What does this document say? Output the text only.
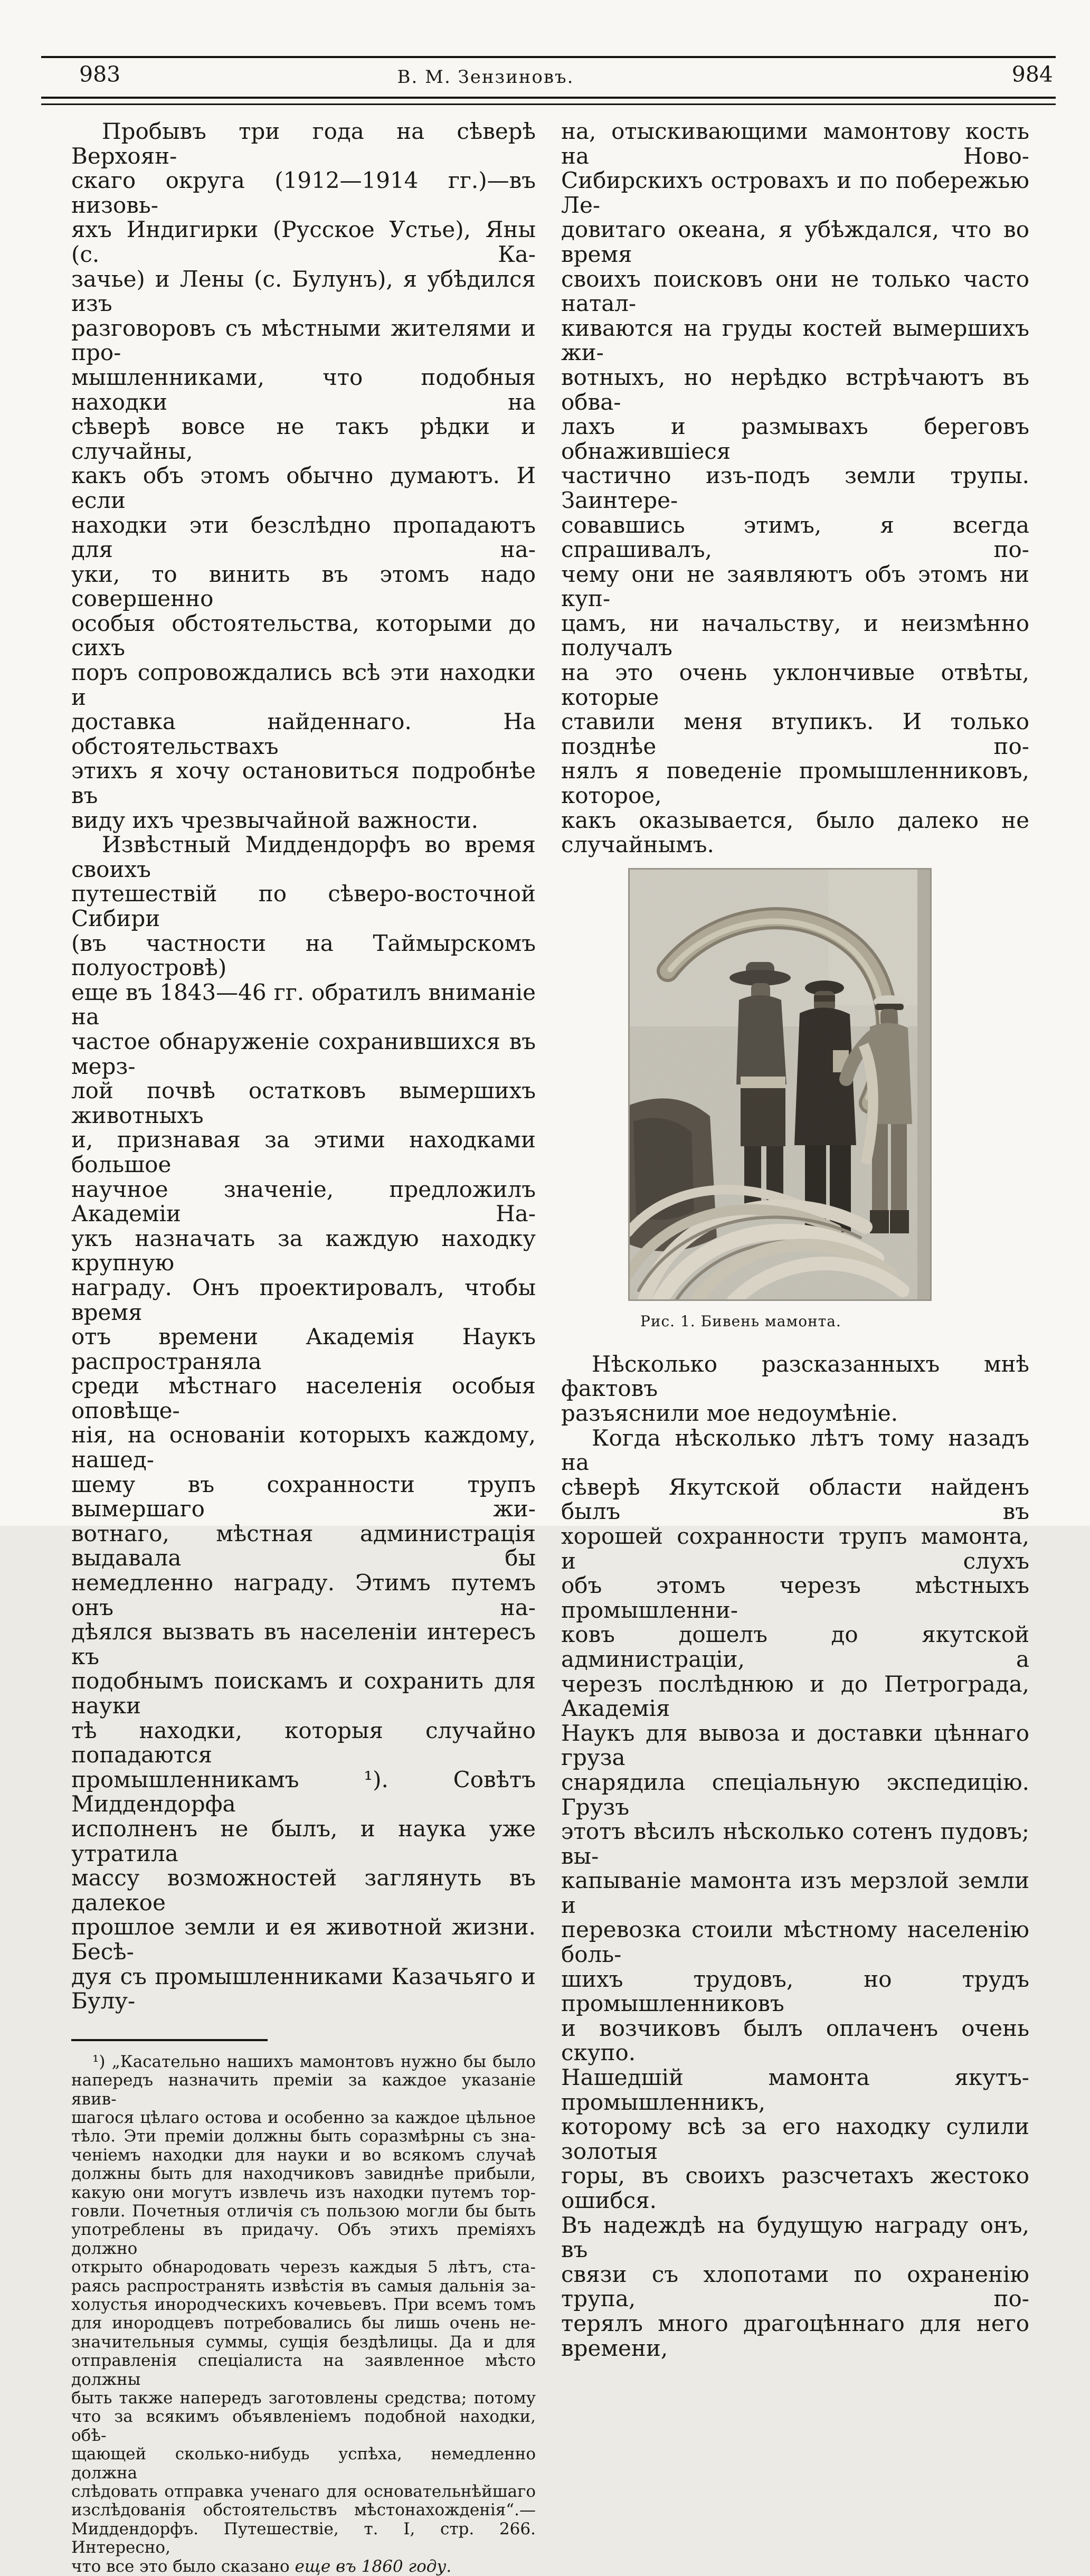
983	В. М. Зензиновъ.	984
Пробывъ три года на сѣверѣ Верхоян-
скаго округа (1912—1914 гг.)—въ низовь-
яхъ Индигирки (Русское Устье), Яны (с. Ка-
зачье) и Лены (с. Булунъ), я убѣдился изъ
разговоровъ съ мѣстными жителями и про-
мышленниками, что подобныя находки на
сѣверѣ вовсе не такъ рѣдки и случайны,
какъ объ этомъ обычно думаютъ. И если
находки эти безслѣдно пропадаютъ для на-
уки, то винить въ этомъ надо совершенно
особыя обстоятельства, которыми до сихъ
поръ сопровождались всѣ эти находки и
доставка найденнаго. На обстоятельствахъ
этихъ я хочу остановиться подробнѣе въ
виду ихъ чрезвычайной важности.
Извѣстный Миддендорфъ во время своихъ
путешествій по сѣверо-восточной Сибири
(въ частности на Таймырскомъ полуостровѣ)
еще въ 1843—46 гг. обратилъ вниманіе на
частое обнаруженіе сохранившихся въ мерз-
лой почвѣ остатковъ вымершихъ животныхъ
и, признавая за этими находками большое
научное значеніе, предложилъ Академіи На-
укъ назначать за каждую находку крупную
награду. Онъ проектировалъ, чтобы время
отъ времени Академія Наукъ распространяла
среди мѣстнаго населенія особыя оповѣще-
нія, на основаніи которыхъ каждому, нашед-
шему въ сохранности трупъ вымершаго жи-
вотнаго, мѣстная администрація выдавала бы
немедленно награду. Этимъ путемъ онъ на-
дѣялся вызвать въ населеніи интересъ къ
подобнымъ поискамъ и сохранить для науки
тѣ находки, которыя случайно попадаются
промышленникамъ ¹). Совѣтъ Миддендорфа
исполненъ не былъ, и наука уже утратила
массу возможностей заглянуть въ далекое
прошлое земли и ея животной жизни. Бесѣ-
дуя съ промышленниками Казачьяго и Булу-
¹) „Касательно нашихъ мамонтовъ нужно бы было
напередъ назначить преміи за каждое указаніе явив-
шагося цѣлаго остова и особенно за каждое цѣльное
тѣло. Эти преміи должны быть соразмѣрны съ зна-
ченіемъ находки для науки и во всякомъ случаѣ
должны быть для находчиковъ завиднѣе прибыли,
какую они могутъ извлечь изъ находки путемъ тор-
говли. Почетныя отличія съ пользою могли бы быть
употреблены въ придачу. Объ этихъ преміяхъ должно
открыто обнародовать черезъ каждыя 5 лѣтъ, ста-
раясь распространять извѣстія въ самыя дальнія за-
холустья инородческихъ кочевьевъ. При всемъ томъ
для инородцевъ потребовались бы лишь очень не-
значительныя суммы, сущія бездѣлицы. Да и для
отправленія спеціалиста на заявленное мѣсто должны
быть также напередъ заготовлены средства; потому
что за всякимъ объявленіемъ подобной находки, обѣ-
щающей сколько-нибудь успѣха, немедленно должна
слѣдовать отправка ученаго для основательнѣйшаго
изслѣдованія обстоятельствъ мѣстонахожденія“.—
Миддендорфъ. Путешествіе, т. I, стр. 266. Интересно,
что все это было сказано еще въ 1860 году.
на, отыскивающими мамонтову кость на Ново-
Сибирскихъ островахъ и по побережью Ле-
довитаго океана, я убѣждался, что во время
своихъ поисковъ они не только часто натал-
киваются на груды костей вымершихъ жи-
вотныхъ, но нерѣдко встрѣчаютъ въ обва-
лахъ и размывахъ береговъ обнажившіеся
частично изъ-подъ земли трупы. Заинтере-
совавшись этимъ, я всегда спрашивалъ, по-
чему они не заявляютъ объ этомъ ни куп-
цамъ, ни начальству, и неизмѣнно получалъ
на это очень уклончивые отвѣты, которые
ставили меня втупикъ. И только позднѣе по-
нялъ я поведеніе промышленниковъ, которое,
какъ оказывается, было далеко не случайнымъ.
Рис. 1. Бивень мамонта.
Нѣсколько разсказанныхъ мнѣ фактовъ
разъяснили мое недоумѣніе.
Когда нѣсколько лѣтъ тому назадъ на
сѣверѣ Якутской области найденъ былъ въ
хорошей сохранности трупъ мамонта, и слухъ
объ этомъ черезъ мѣстныхъ промышленни-
ковъ дошелъ до якутской администраціи, а
черезъ послѣднюю и до Петрограда, Академія
Наукъ для вывоза и доставки цѣннаго груза
снарядила спеціальную экспедицію. Грузъ
этотъ вѣсилъ нѣсколько сотенъ пудовъ; вы-
капываніе мамонта изъ мерзлой земли и
перевозка стоили мѣстному населенію боль-
шихъ трудовъ, но трудъ промышленниковъ
и возчиковъ былъ оплаченъ очень скупо.
Нашедшій мамонта якутъ-промышленникъ,
которому всѣ за его находку сулили золотыя
горы, въ своихъ разсчетахъ жестоко ошибся.
Въ надеждѣ на будущую награду онъ, въ
связи съ хлопотами по охраненію трупа, по-
терялъ много драгоцѣннаго для него времени,
